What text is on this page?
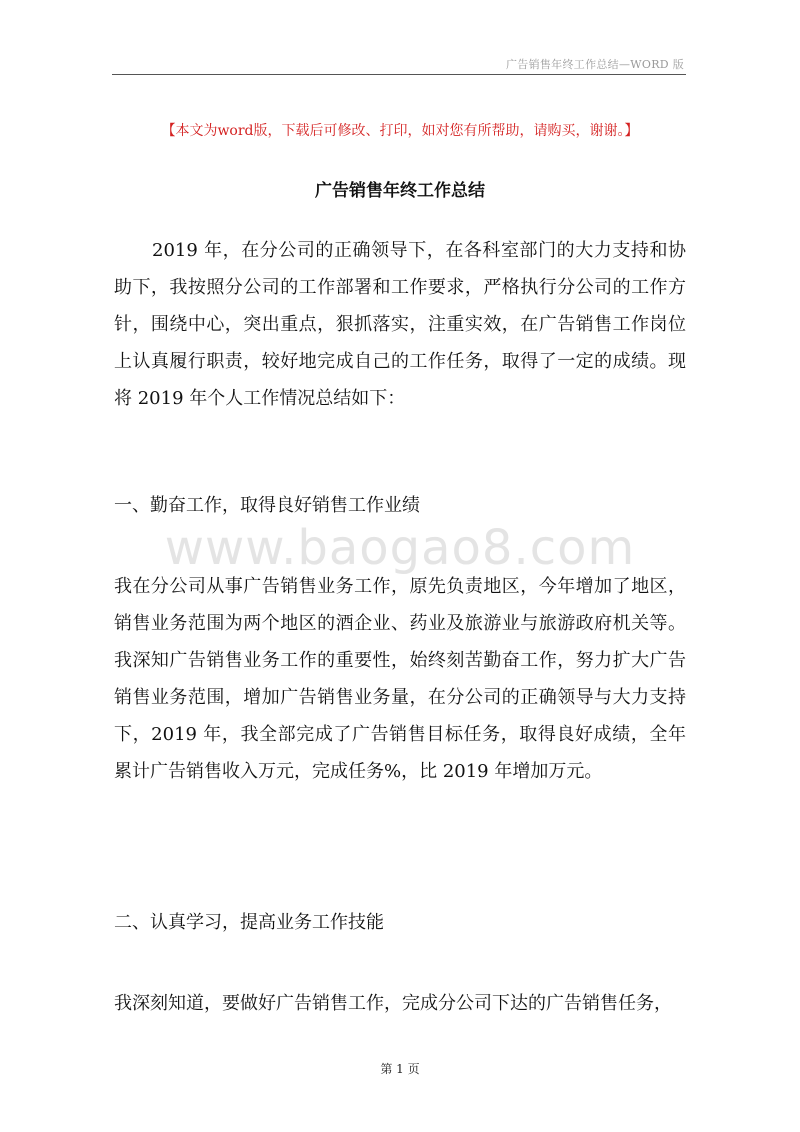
广告销售年终工作总结—WORD 版
【本文为word版，下载后可修改、打印，如对您有所帮助，请购买，谢谢。】
广告销售年终工作总结

2019 年，在分公司的正确领导下，在各科室部门的大力支持和协助下，我按照分公司的工作部署和工作要求，严格执行分公司的工作方针，围绕中心，突出重点，狠抓落实，注重实效，在广告销售工作岗位上认真履行职责，较好地完成自己的工作任务，取得了一定的成绩。现将 2019 年个人工作情况总结如下：

一、勤奋工作，取得良好销售工作业绩

www.baogao8.com

我在分公司从事广告销售业务工作，原先负责地区，今年增加了地区，销售业务范围为两个地区的酒企业、药业及旅游业与旅游政府机关等。我深知广告销售业务工作的重要性，始终刻苦勤奋工作，努力扩大广告销售业务范围，增加广告销售业务量，在分公司的正确领导与大力支持下，2019 年，我全部完成了广告销售目标任务，取得良好成绩，全年累计广告销售收入万元，完成任务%，比 2019 年增加万元。

二、认真学习，提高业务工作技能

我深刻知道，要做好广告销售工作，完成分公司下达的广告销售任务，

第 1 页
